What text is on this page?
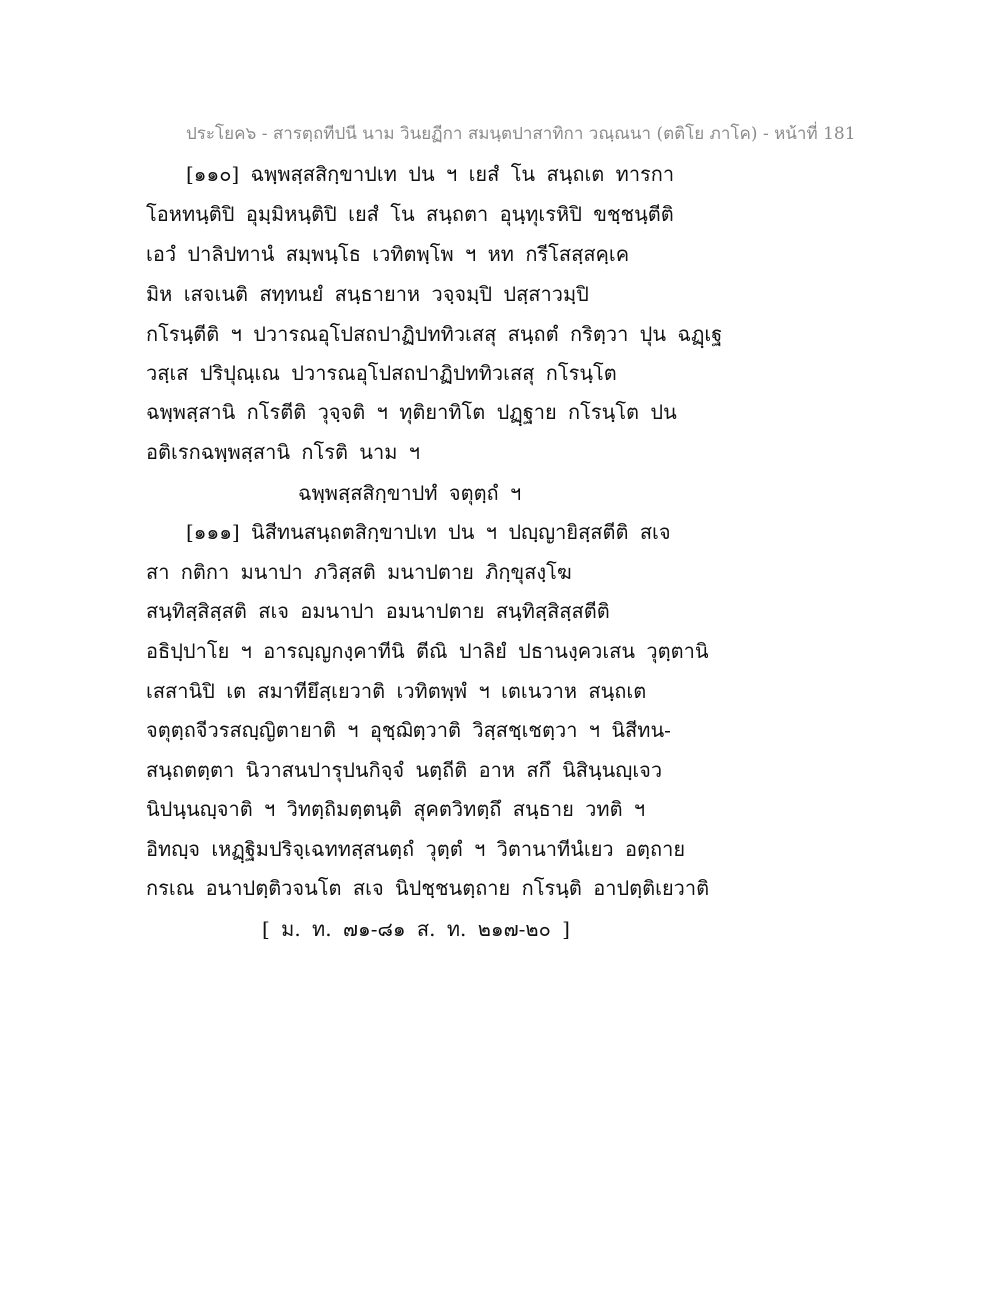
ประโยค๖ - สารตฺถทีปนี นาม วินยฏีกา สมนฺตปาสาทิกา วณฺณนา (ตติโย ภาโค) - หน้าที่ 181
[๑๑๐] ฉพฺพสฺสสิกฺขาปเท ปน ฯ เยสํ โน สนฺถเต ทารกา
โอหทนฺติปิ อุมฺมิหนฺติปิ เยสํ โน สนฺถตา อุนฺทุเรหิปิ ขชฺชนฺตีติ
เอวํ ปาลิปทานํ สมฺพนฺโธ เวทิตพฺโพ ฯ หท กรีโสสฺสคฺเค
มิห เสจเนติ สทฺทนยํ สนฺธายาห วจฺจมฺปิ ปสฺสาวมฺปิ
กโรนฺตีติ ฯ ปวารณอุโปสถปาฏิปททิวเสสุ สนฺถตํ กริตฺวา ปุน ฉฏฺเฐ
วสฺเส ปริปุณฺเณ ปวารณอุโปสถปาฏิปททิวเสสุ กโรนฺโต
ฉพฺพสฺสานิ กโรตีติ วุจฺจติ ฯ ทุติยาทิโต ปฏฺฐาย กโรนฺโต ปน
อติเรกฉพฺพสฺสานิ กโรติ นาม ฯ
ฉพฺพสฺสสิกฺขาปทํ จตุตฺถํ ฯ
[๑๑๑] นิสีทนสนฺถตสิกฺขาปเท ปน ฯ ปญฺญายิสฺสตีติ สเจ
สา กติกา มนาปา ภวิสฺสติ มนาปตาย ภิกฺขุสงฺโฆ
สนฺทิสฺสิสฺสติ สเจ อมนาปา อมนาปตาย สนฺทิสฺสิสฺสตีติ
อธิปฺปาโย ฯ อารญฺญกงฺคาทีนิ ตีณิ ปาลิยํ ปธานงฺควเสน วุตฺตานิ
เสสานิปิ เต สมาทียึสฺเยวาติ เวทิตพฺพํ ฯ เตเนวาห สนฺถเต
จตุตฺถจีวรสญฺญิตายาติ ฯ อุชฺฌิตฺวาติ วิสฺสชฺเชตฺวา ฯ นิสีทน-
สนฺถตตฺตา นิวาสนปารุปนกิจฺจํ นตฺถีติ อาห สกึ นิสินฺนญฺเจว
นิปนฺนญฺจาติ ฯ วิทตฺถิมตฺตนฺติ สุคตวิทตฺถึ สนฺธาย วทติ ฯ
อิทญฺจ เหฏฺฐิมปริจฺเฉททสฺสนตฺถํ วุตฺตํ ฯ วิตานาทีนํเยว อตฺถาย
กรเณ อนาปตฺติวจนโต สเจ นิปชฺชนตฺถาย กโรนฺติ อาปตฺติเยวาติ
[ ม. ท. ๗๑-๘๑ ส. ท. ๒๑๗-๒๐ ]
